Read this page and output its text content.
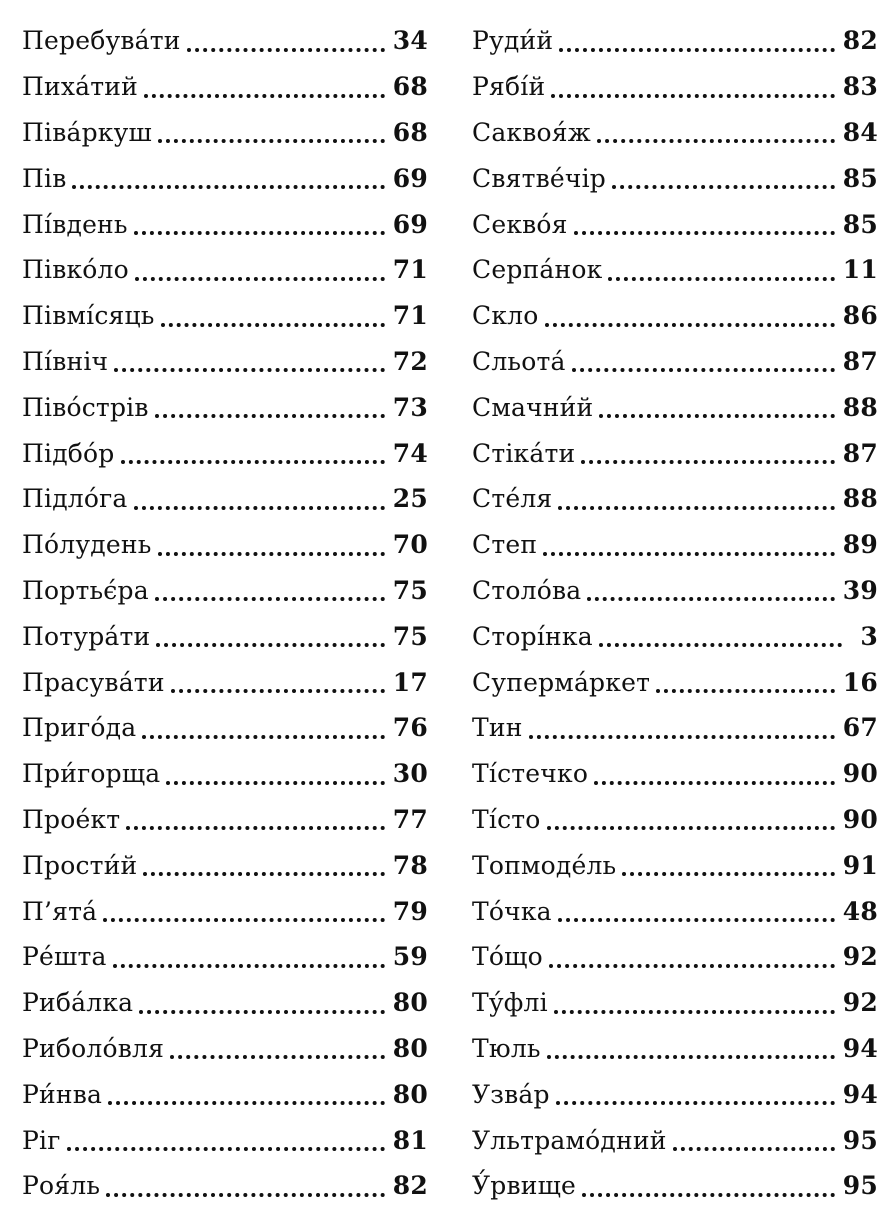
Перебува́ти	34
Пиха́тий	68
Піва́ркуш	68
Пів	69
Пі́вдень	69
Півко́ло	71
Півмі́сяць	71
Пі́вніч	72
Піво́стрів	73
Підбо́р	74
Підло́га	25
По́лудень	70
Портьє́ра	75
Потура́ти	75
Прасува́ти	17
Приго́да	76
При́горща	30
Прое́кт	77
Прости́й	78
П’ята́	79
Ре́шта	59
Риба́лка	80
Риболо́вля	80
Ри́нва	80
Ріг	81
Роя́ль	82
Руди́й	82
Рябі́й	83
Саквоя́ж	84
Святве́чір	85
Секво́я	85
Серпа́нок	11
Скло	86
Сльота́	87
Смачни́й	88
Стіка́ти	87
Сте́ля	88
Степ	89
Столо́ва	39
Сторі́нка	3
Суперма́ркет	16
Тин	67
Ті́стечко	90
Ті́сто	90
Топмоде́ль	91
То́чка	48
То́що	92
Ту́флі	92
Тюль	94
Узва́р	94
Ультрамо́дний	95
У́рвище	95
